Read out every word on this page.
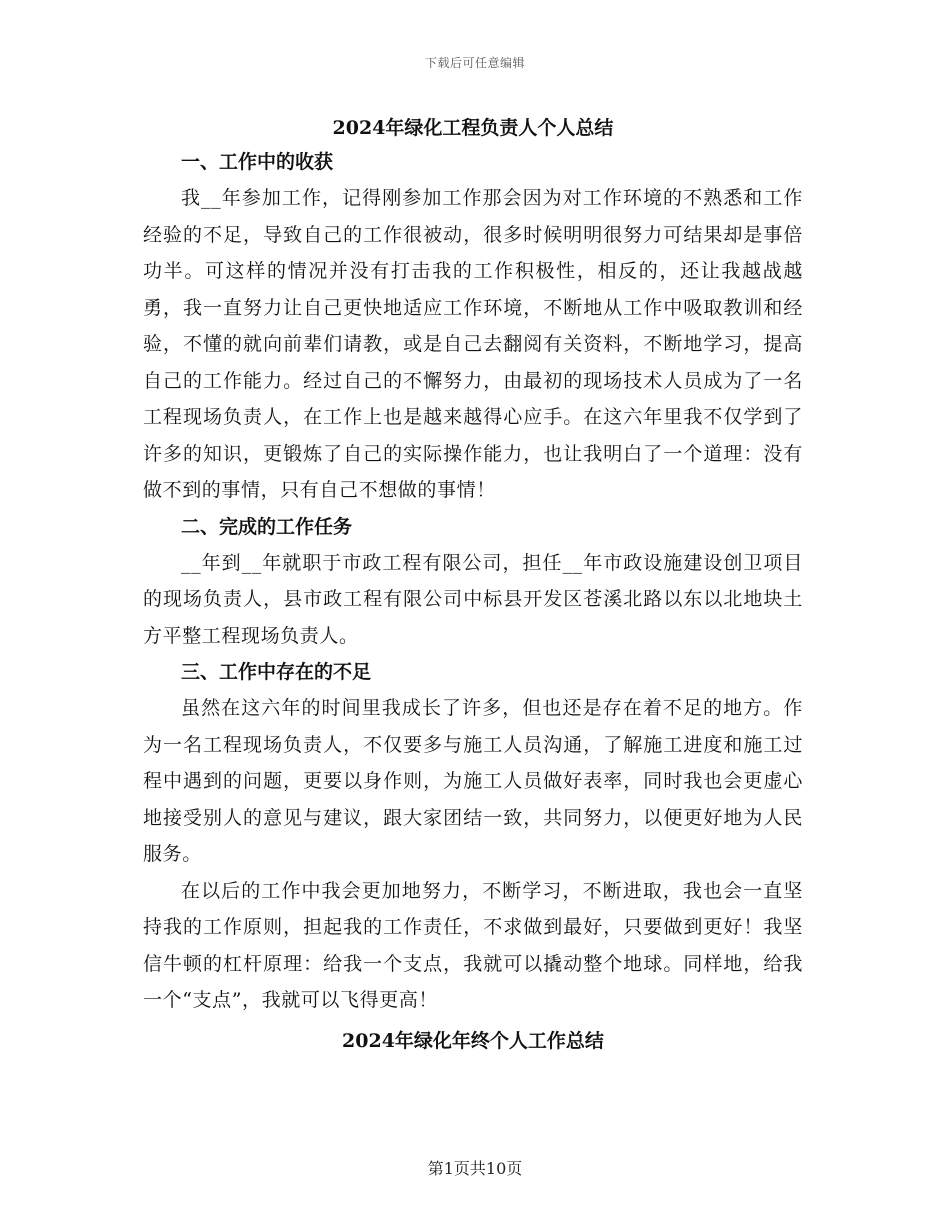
下载后可任意编辑
2024年绿化工程负责人个人总结

一、工作中的收获

我__年参加工作，记得刚参加工作那会因为对工作环境的不熟悉和工作经验的不足，导致自己的工作很被动，很多时候明明很努力可结果却是事倍功半。可这样的情况并没有打击我的工作积极性，相反的，还让我越战越勇，我一直努力让自己更快地适应工作环境，不断地从工作中吸取教训和经验，不懂的就向前辈们请教，或是自己去翻阅有关资料，不断地学习，提高自己的工作能力。经过自己的不懈努力，由最初的现场技术人员成为了一名工程现场负责人，在工作上也是越来越得心应手。在这六年里我不仅学到了许多的知识，更锻炼了自己的实际操作能力，也让我明白了一个道理：没有做不到的事情，只有自己不想做的事情！

二、完成的工作任务

__年到__年就职于市政工程有限公司，担任__年市政设施建设创卫项目的现场负责人，县市政工程有限公司中标县开发区苍溪北路以东以北地块土方平整工程现场负责人。

三、工作中存在的不足

虽然在这六年的时间里我成长了许多，但也还是存在着不足的地方。作为一名工程现场负责人，不仅要多与施工人员沟通，了解施工进度和施工过程中遇到的问题，更要以身作则，为施工人员做好表率，同时我也会更虚心地接受别人的意见与建议，跟大家团结一致，共同努力，以便更好地为人民服务。

在以后的工作中我会更加地努力，不断学习，不断进取，我也会一直坚持我的工作原则，担起我的工作责任，不求做到最好，只要做到更好！我坚信牛顿的杠杆原理：给我一个支点，我就可以撬动整个地球。同样地，给我一个“支点”，我就可以飞得更高！

2024年绿化年终个人工作总结
第1页共10页
